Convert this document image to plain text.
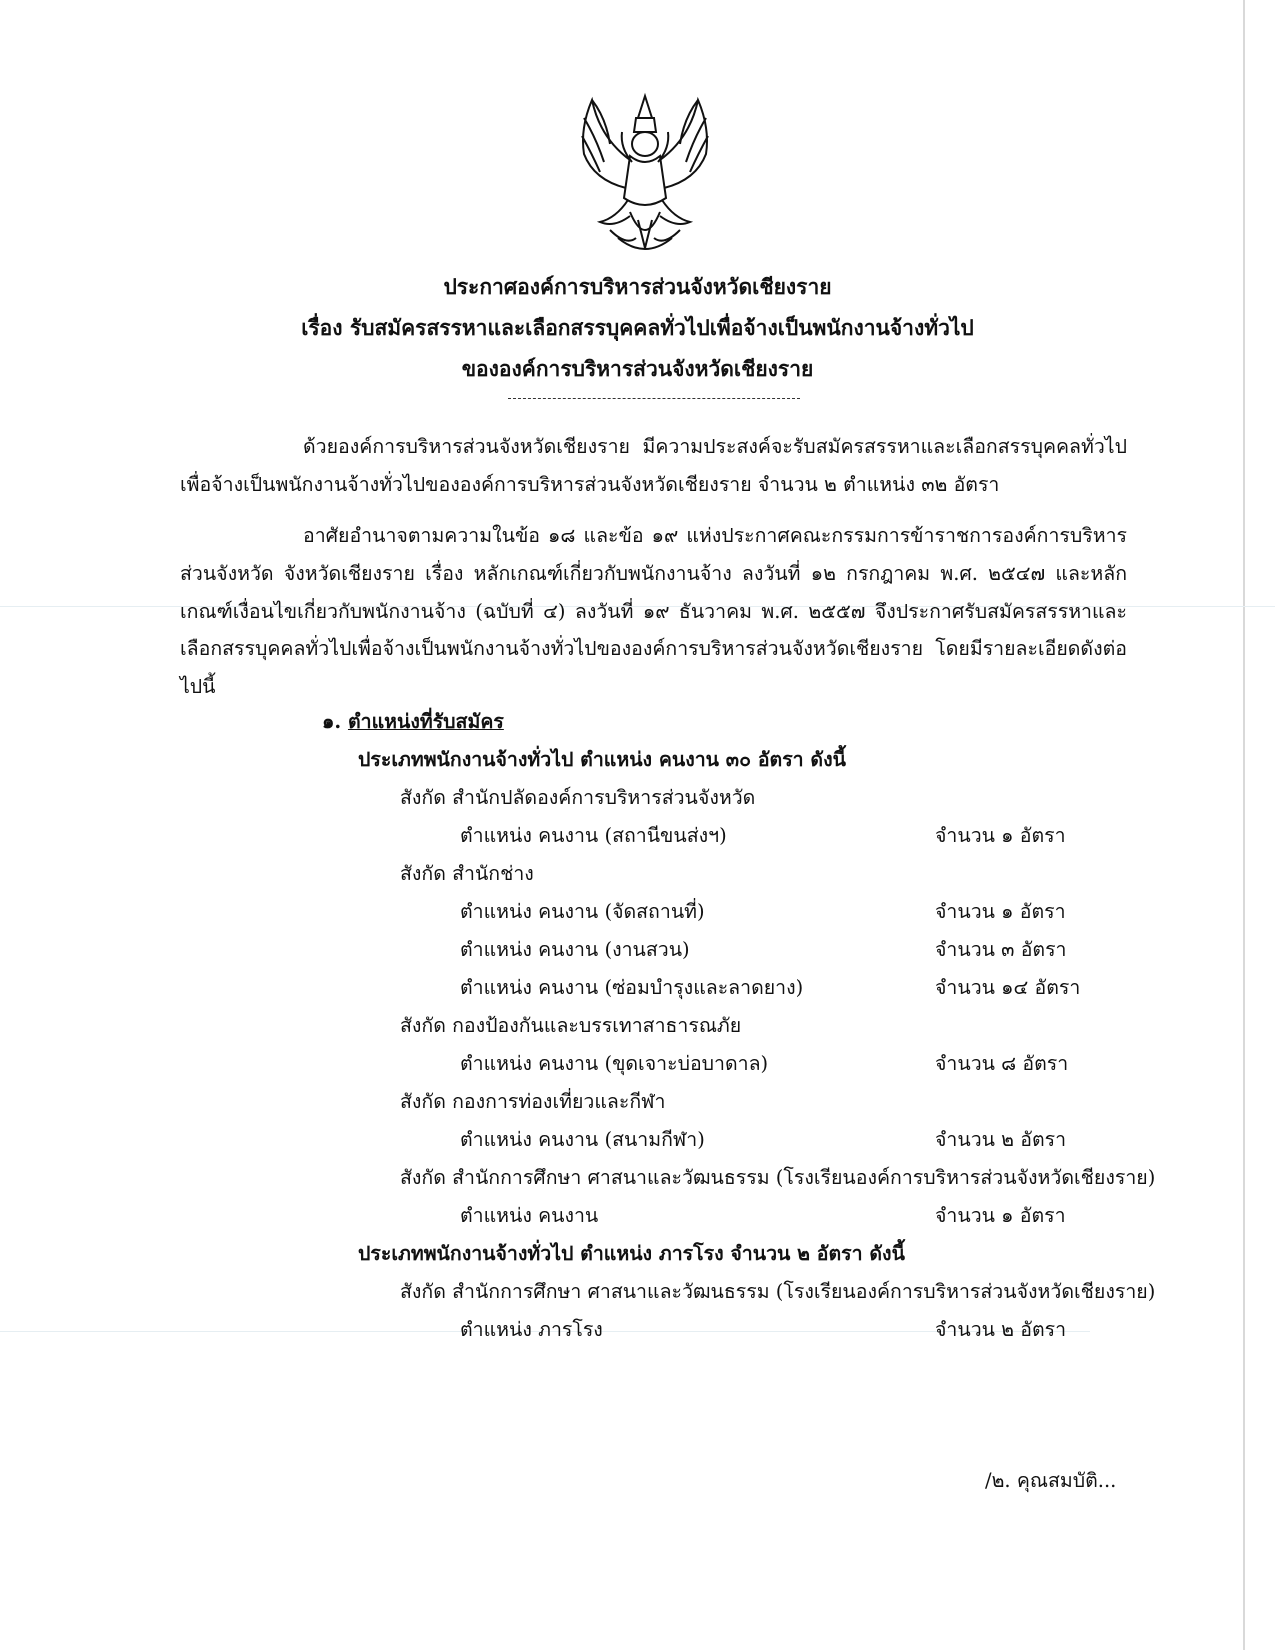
ประกาศองค์การบริหารส่วนจังหวัดเชียงราย
เรื่อง รับสมัครสรรหาและเลือกสรรบุคคลทั่วไปเพื่อจ้างเป็นพนักงานจ้างทั่วไป
ขององค์การบริหารส่วนจังหวัดเชียงราย

ด้วยองค์การบริหารส่วนจังหวัดเชียงราย มีความประสงค์จะรับสมัครสรรหาและเลือกสรรบุคคลทั่วไปเพื่อจ้างเป็นพนักงานจ้างทั่วไปขององค์การบริหารส่วนจังหวัดเชียงราย จำนวน ๒ ตำแหน่ง ๓๒ อัตรา

อาศัยอำนาจตามความในข้อ ๑๘ และข้อ ๑๙ แห่งประกาศคณะกรรมการข้าราชการองค์การบริหารส่วนจังหวัด จังหวัดเชียงราย เรื่อง หลักเกณฑ์เกี่ยวกับพนักงานจ้าง ลงวันที่ ๑๒ กรกฎาคม พ.ศ. ๒๕๔๗ และหลักเกณฑ์เงื่อนไขเกี่ยวกับพนักงานจ้าง (ฉบับที่ ๔) ลงวันที่ ๑๙ ธันวาคม พ.ศ. ๒๕๕๗ จึงประกาศรับสมัครสรรหาและเลือกสรรบุคคลทั่วไปเพื่อจ้างเป็นพนักงานจ้างทั่วไปขององค์การบริหารส่วนจังหวัดเชียงราย โดยมีรายละเอียดดังต่อไปนี้

๑. ตำแหน่งที่รับสมัคร
ประเภทพนักงานจ้างทั่วไป ตำแหน่ง คนงาน ๓๐ อัตรา ดังนี้
สังกัด สำนักปลัดองค์การบริหารส่วนจังหวัด
ตำแหน่ง คนงาน (สถานีขนส่งฯ)	จำนวน ๑ อัตรา
สังกัด สำนักช่าง
ตำแหน่ง คนงาน (จัดสถานที่)	จำนวน ๑ อัตรา
ตำแหน่ง คนงาน (งานสวน)	จำนวน ๓ อัตรา
ตำแหน่ง คนงาน (ซ่อมบำรุงและลาดยาง)	จำนวน ๑๔ อัตรา
สังกัด กองป้องกันและบรรเทาสาธารณภัย
ตำแหน่ง คนงาน (ขุดเจาะบ่อบาดาล)	จำนวน ๘ อัตรา
สังกัด กองการท่องเที่ยวและกีฬา
ตำแหน่ง คนงาน (สนามกีฬา)	จำนวน ๒ อัตรา
สังกัด สำนักการศึกษา ศาสนาและวัฒนธรรม (โรงเรียนองค์การบริหารส่วนจังหวัดเชียงราย)
ตำแหน่ง คนงาน	จำนวน ๑ อัตรา
ประเภทพนักงานจ้างทั่วไป ตำแหน่ง ภารโรง จำนวน ๒ อัตรา ดังนี้
สังกัด สำนักการศึกษา ศาสนาและวัฒนธรรม (โรงเรียนองค์การบริหารส่วนจังหวัดเชียงราย)
ตำแหน่ง ภารโรง	จำนวน ๒ อัตรา
/๒. คุณสมบัติ...
